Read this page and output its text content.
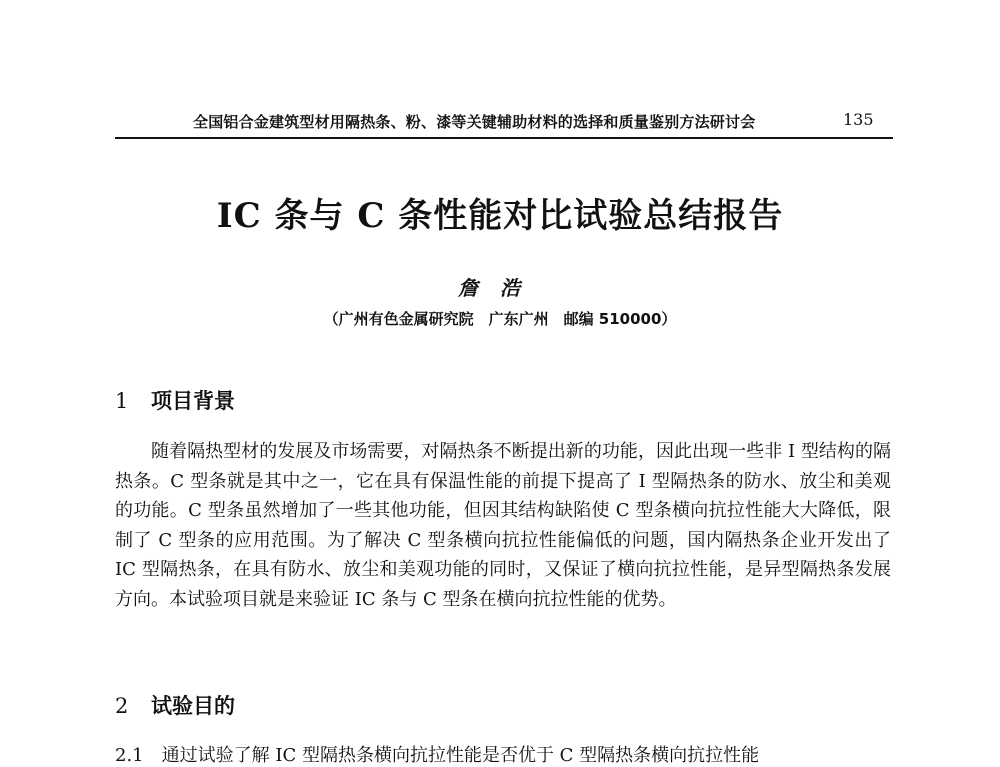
全国铝合金建筑型材用隔热条、粉、漆等关键辅助材料的选择和质量鉴别方法研讨会	135
IC 条与 C 条性能对比试验总结报告
詹浩
（广州有色金属研究院　广东广州　邮编 510000）
1 项目背景

随着隔热型材的发展及市场需要，对隔热条不断提出新的功能，因此出现一些非 I 型结构的隔热条。C 型条就是其中之一，它在具有保温性能的前提下提高了 I 型隔热条的防水、放尘和美观的功能。C 型条虽然增加了一些其他功能，但因其结构缺陷使 C 型条横向抗拉性能大大降低，限制了 C 型条的应用范围。为了解决 C 型条横向抗拉性能偏低的问题，国内隔热条企业开发出了 IC 型隔热条，在具有防水、放尘和美观功能的同时，又保证了横向抗拉性能，是异型隔热条发展方向。本试验项目就是来验证 IC 条与 C 型条在横向抗拉性能的优势。

2 试验目的
2.1　通过试验了解 IC 型隔热条横向抗拉性能是否优于 C 型隔热条横向抗拉性能
